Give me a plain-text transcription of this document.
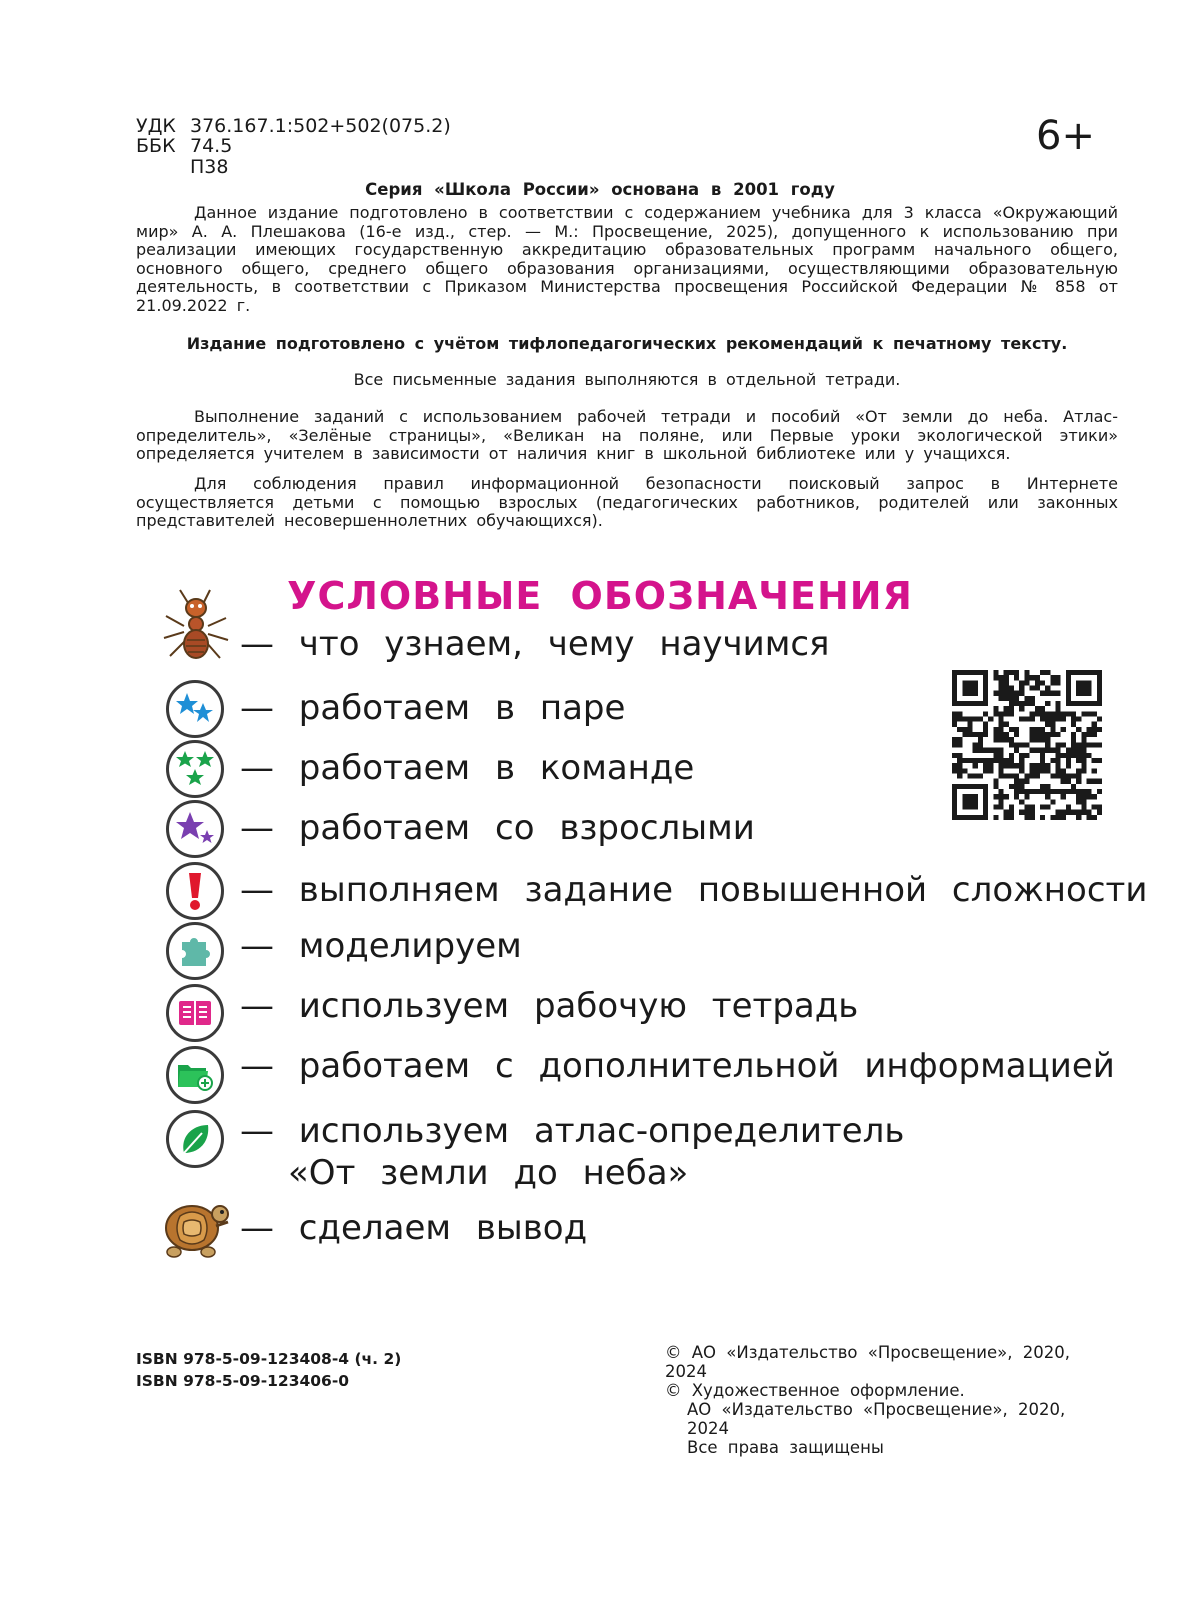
УДК 376.167.1:502+502(075.2)
ББК 74.5
П38
6+
Серия «Школа России» основана в 2001 году
Данное издание подготовлено в соответствии с содержанием учебника для 3 класса «Окружающий мир» А. А. Плешакова (16-е изд., стер. — М.: Просвещение, 2025), допущенного к использованию при реализации имеющих государственную аккредитацию образовательных программ начального общего, основного общего, среднего общего образования организациями, осуществляющими образовательную деятельность, в соответствии с Приказом Министерства просвещения Российской Федерации № 858 от 21.09.2022 г.
Издание подготовлено с учётом тифлопедагогических рекомендаций к печатному тексту.
Все письменные задания выполняются в отдельной тетради.
Выполнение заданий с использованием рабочей тетради и пособий «От земли до неба. Атлас-определитель», «Зелёные страницы», «Великан на поляне, или Первые уроки экологической этики» определяется учителем в зависимости от наличия книг в школьной библиотеке или у учащихся.
Для соблюдения правил информационной безопасности поисковый запрос в Интернете осуществляется детьми с помощью взрослых (педагогических работников, родителей или законных представителей несовершеннолетних обучающихся).
УСЛОВНЫЕ ОБОЗНАЧЕНИЯ
— что узнаем, чему научимся
— работаем в паре
— работаем в команде
— работаем со взрослыми
— выполняем задание повышенной сложности
— моделируем
— используем рабочую тетрадь
— работаем с дополнительной информацией
— используем атлас-определитель
«От земли до неба»
— сделаем вывод
ISBN 978-5-09-123408-4 (ч. 2)
ISBN 978-5-09-123406-0
© АО «Издательство «Просвещение», 2020, 2024
© Художественное оформление.
АО «Издательство «Просвещение», 2020, 2024
Все права защищены
